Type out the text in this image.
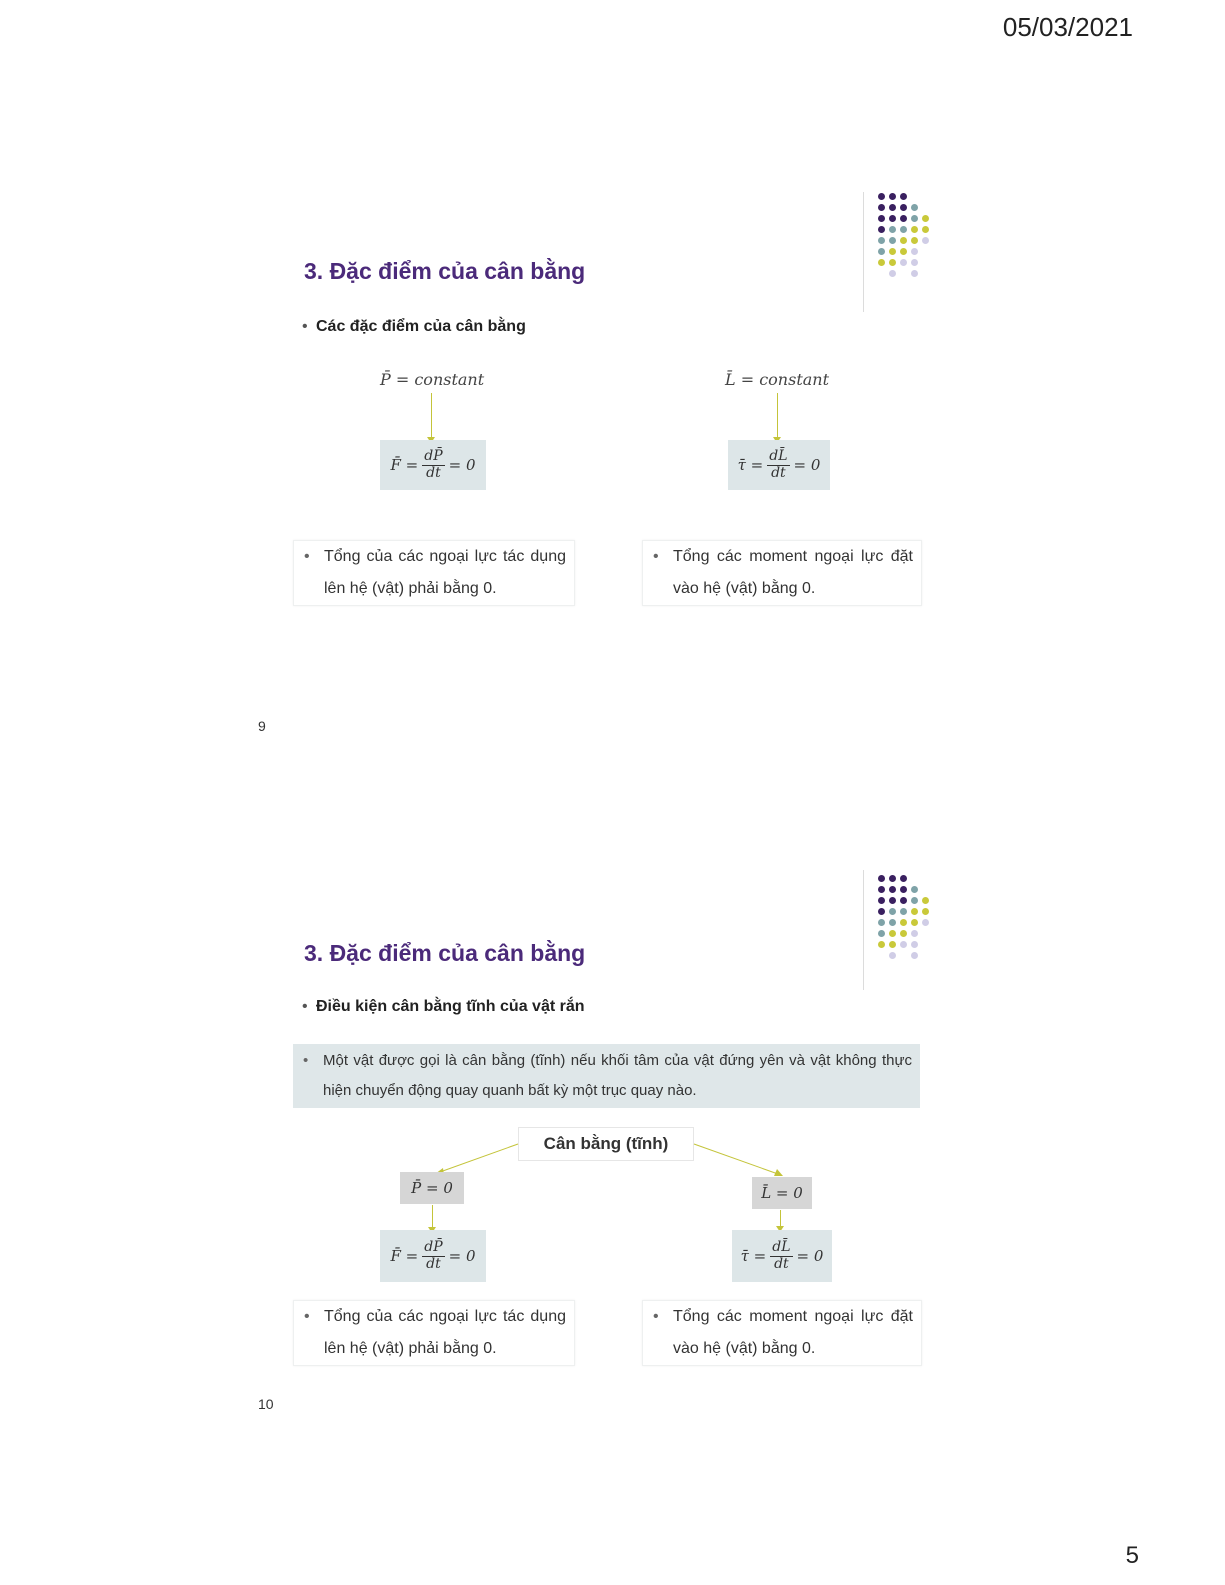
05/03/2021
3. Đặc điểm của cân bằng
• Các đặc điểm của cân bằng
P̄ = constant
F̄ = $\frac{dP̄}{dt} = 0$
L̄ = constant
τ̄ = $\frac{dL̄}{dt} = 0$
• Tổng của các ngoại lực tác dụng lên hệ (vật) phải bằng 0.
• Tổng các moment ngoại lực đặt vào hệ (vật) bằng 0.
9
3. Đặc điểm của cân bằng
• Điều kiện cân bằng tĩnh của vật rắn
• Một vật được gọi là cân bằng (tĩnh) nếu khối tâm của vật đứng yên và vật không thực hiện chuyển động quay quanh bất kỳ một trục quay nào.
Cân bằng (tĩnh)
P̄ = 0	L̄ = 0
F̄ = $\frac{dP̄}{dt} = 0$	τ̄ = $\frac{dL̄}{dt} = 0$
• Tổng của các ngoại lực tác dụng lên hệ (vật) phải bằng 0.
• Tổng các moment ngoại lực đặt vào hệ (vật) bằng 0.
10
5
